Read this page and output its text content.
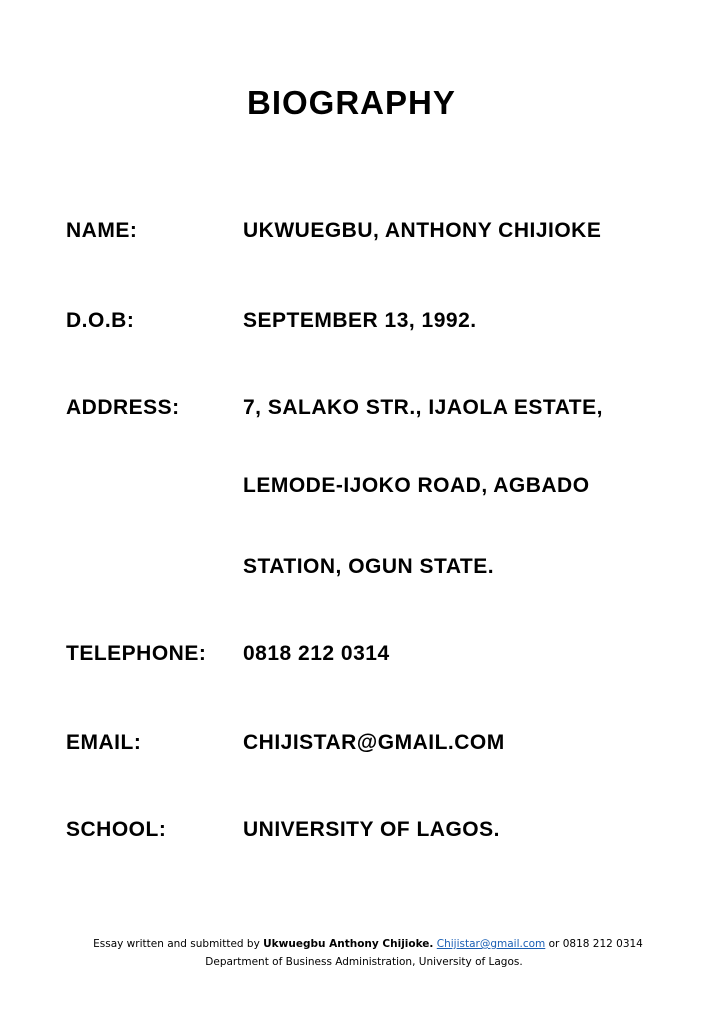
BIOGRAPHY
NAME:	UKWUEGBU, ANTHONY CHIJIOKE
D.O.B:	SEPTEMBER 13, 1992.
ADDRESS:	7, SALAKO STR., IJAOLA ESTATE,
LEMODE-IJOKO ROAD, AGBADO
STATION, OGUN STATE.
TELEPHONE: 0818 212 0314
EMAIL:	CHIJISTAR@GMAIL.COM
SCHOOL:	UNIVERSITY OF LAGOS.
Essay written and submitted by Ukwuegbu Anthony Chijioke. Chijistar@gmail.com or 0818 212 0314
Department of Business Administration, University of Lagos.
